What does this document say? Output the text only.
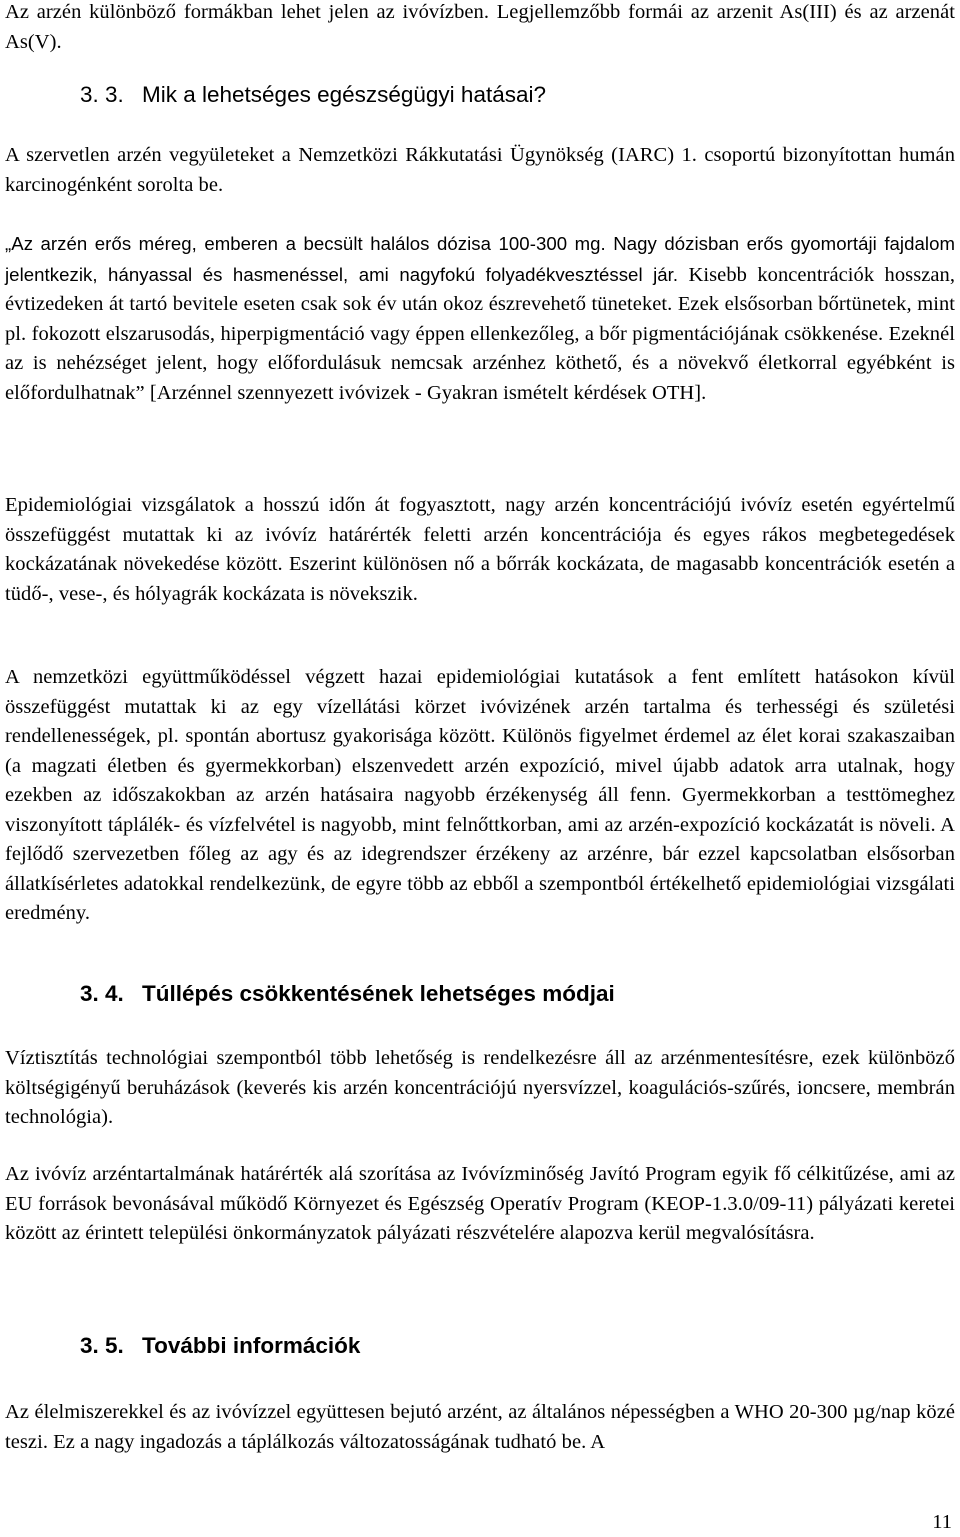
Az arzén különböző formákban lehet jelen az ivóvízben. Legjellemzőbb formái az arzenit As(III) és az arzenát As(V).

3. 3. Mik a lehetséges egészségügyi hatásai?

A szervetlen arzén vegyületeket a Nemzetközi Rákkutatási Ügynökség (IARC) 1. csoportú bizonyítottan humán karcinogénként sorolta be.

„Az arzén erős méreg, emberen a becsült halálos dózisa 100-300 mg. Nagy dózisban erős gyomortáji fajdalom jelentkezik, hányassal és hasmenéssel, ami nagyfokú folyadékvesztéssel jár. Kisebb koncentrációk hosszan, évtizedeken át tartó bevitele eseten csak sok év után okoz észrevehető tüneteket. Ezek elsősorban bőrtünetek, mint pl. fokozott elszarusodás, hiperpigmentáció vagy éppen ellenkezőleg, a bőr pigmentációjának csökkenése. Ezeknél az is nehézséget jelent, hogy előfordulásuk nemcsak arzénhez köthető, és a növekvő életkorral egyébként is előfordulhatnak” [Arzénnel szennyezett ivóvizek - Gyakran ismételt kérdések OTH].

Epidemiológiai vizsgálatok a hosszú időn át fogyasztott, nagy arzén koncentrációjú ivóvíz esetén egyértelmű összefüggést mutattak ki az ivóvíz határérték feletti arzén koncentrációja és egyes rákos megbetegedések kockázatának növekedése között. Eszerint különösen nő a bőrrák kockázata, de magasabb koncentrációk esetén a tüdő-, vese-, és hólyagrák kockázata is növekszik.

A nemzetközi együttműködéssel végzett hazai epidemiológiai kutatások a fent említett hatásokon kívül összefüggést mutattak ki az egy vízellátási körzet ivóvizének arzén tartalma és terhességi és születési rendellenességek, pl. spontán abortusz gyakorisága között. Különös figyelmet érdemel az élet korai szakaszaiban (a magzati életben és gyermekkorban) elszenvedett arzén expozíció, mivel újabb adatok arra utalnak, hogy ezekben az időszakokban az arzén hatásaira nagyobb érzékenység áll fenn. Gyermekkorban a testtömeghez viszonyított táplálék- és vízfelvétel is nagyobb, mint felnőttkorban, ami az arzén-expozíció kockázatát is növeli. A fejlődő szervezetben főleg az agy és az idegrendszer érzékeny az arzénre, bár ezzel kapcsolatban elsősorban állatkísérletes adatokkal rendelkezünk, de egyre több az ebből a szempontból értékelhető epidemiológiai vizsgálati eredmény.

3. 4. Túllépés csökkentésének lehetséges módjai

Víztisztítás technológiai szempontból több lehetőség is rendelkezésre áll az arzénmentesítésre, ezek különböző költségigényű beruházások (keverés kis arzén koncentrációjú nyersvízzel, koagulációs-szűrés, ioncsere, membrán technológia).

Az ivóvíz arzéntartalmának határérték alá szorítása az Ivóvízminőség Javító Program egyik fő célkitűzése, ami az EU források bevonásával működő Környezet és Egészség Operatív Program (KEOP-1.3.0/09-11) pályázati keretei között az érintett települési önkormányzatok pályázati részvételére alapozva kerül megvalósításra.

3. 5. További információk

Az élelmiszerekkel és az ivóvízzel együttesen bejutó arzént, az általános népességben a WHO 20-300 µg/nap közé teszi. Ez a nagy ingadozás a táplálkozás változatosságának tudható be. A

11
